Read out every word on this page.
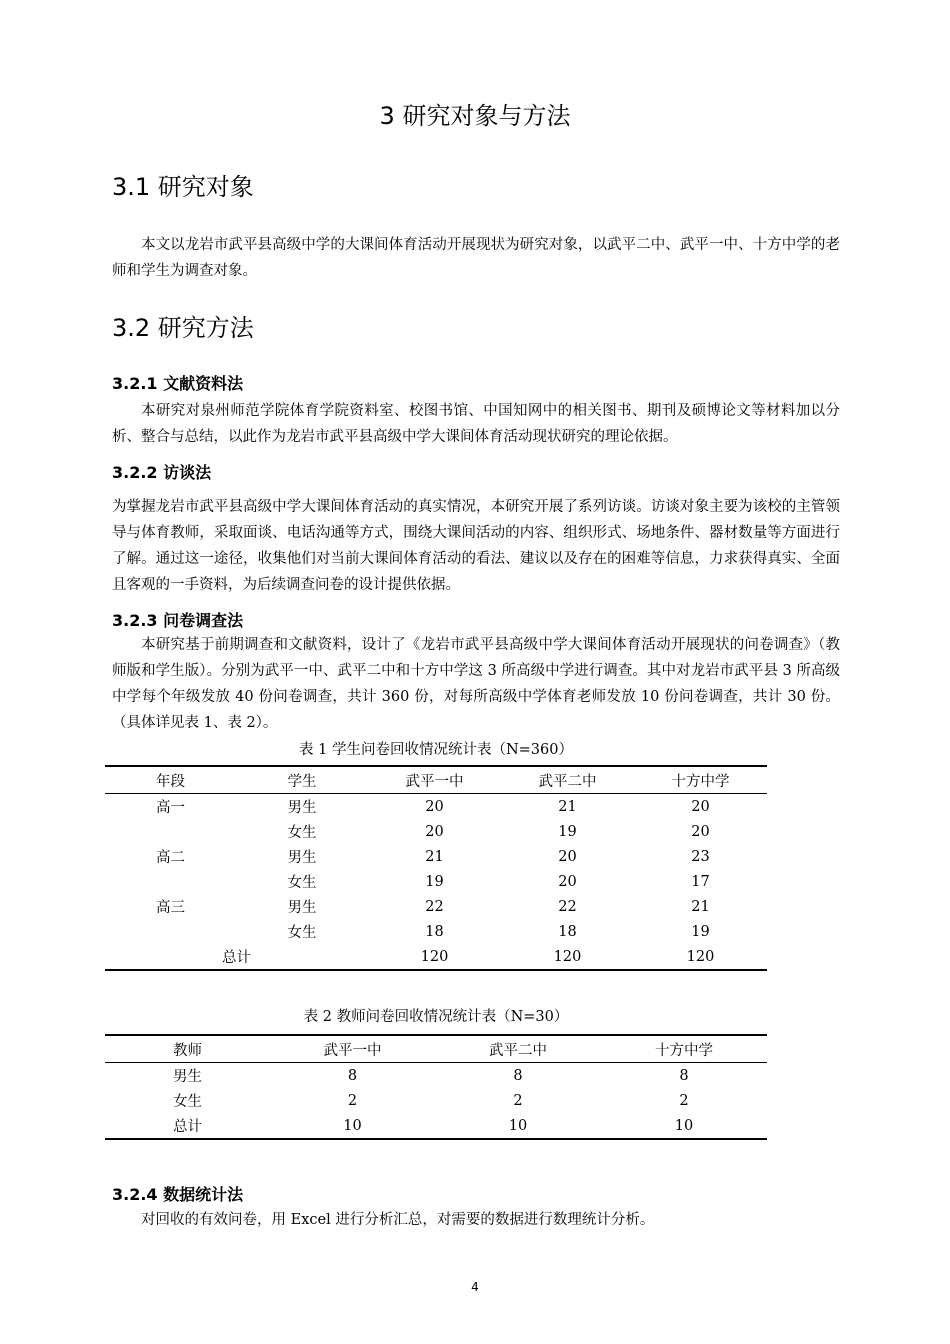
3 研究对象与方法
3.1 研究对象

本文以龙岩市武平县高级中学的大课间体育活动开展现状为研究对象，以武平二中、武平一中、十方中学的老师和学生为调查对象。

3.2 研究方法
3.2.1 文献资料法

本研究对泉州师范学院体育学院资料室、校图书馆、中国知网中的相关图书、期刊及硕博论文等材料加以分析、整合与总结，以此作为龙岩市武平县高级中学大课间体育活动现状研究的理论依据。

3.2.2 访谈法

为掌握龙岩市武平县高级中学大课间体育活动的真实情况，本研究开展了系列访谈。访谈对象主要为该校的主管领导与体育教师，采取面谈、电话沟通等方式，围绕大课间活动的内容、组织形式、场地条件、器材数量等方面进行了解。通过这一途径，收集他们对当前大课间体育活动的看法、建议以及存在的困难等信息，力求获得真实、全面且客观的一手资料，为后续调查问卷的设计提供依据。

3.2.3 问卷调查法

本研究基于前期调查和文献资料，设计了《龙岩市武平县高级中学大课间体育活动开展现状的问卷调查》（教师版和学生版）。分别为武平一中、武平二中和十方中学这 3 所高级中学进行调查。其中对龙岩市武平县 3 所高级中学每个年级发放 40 份问卷调查，共计 360 份，对每所高级中学体育老师发放 10 份问卷调查，共计 30 份。（具体详见表 1、表 2）。

表 1 学生问卷回收情况统计表（N=360）
年段	学生	武平一中	武平二中	十方中学
高一	男生	20	21	20
	女生	20	19	20
高二	男生	21	20	23
	女生	19	20	17
高三	男生	22	22	21
	女生	18	18	19
总计		120	120	120
表 2 教师问卷回收情况统计表（N=30）
教师	武平一中	武平二中	十方中学
男生	8	8	8
女生	2	2	2
总计	10	10	10
3.2.4 数据统计法

对回收的有效问卷，用 Excel 进行分析汇总，对需要的数据进行数理统计分析。

4
